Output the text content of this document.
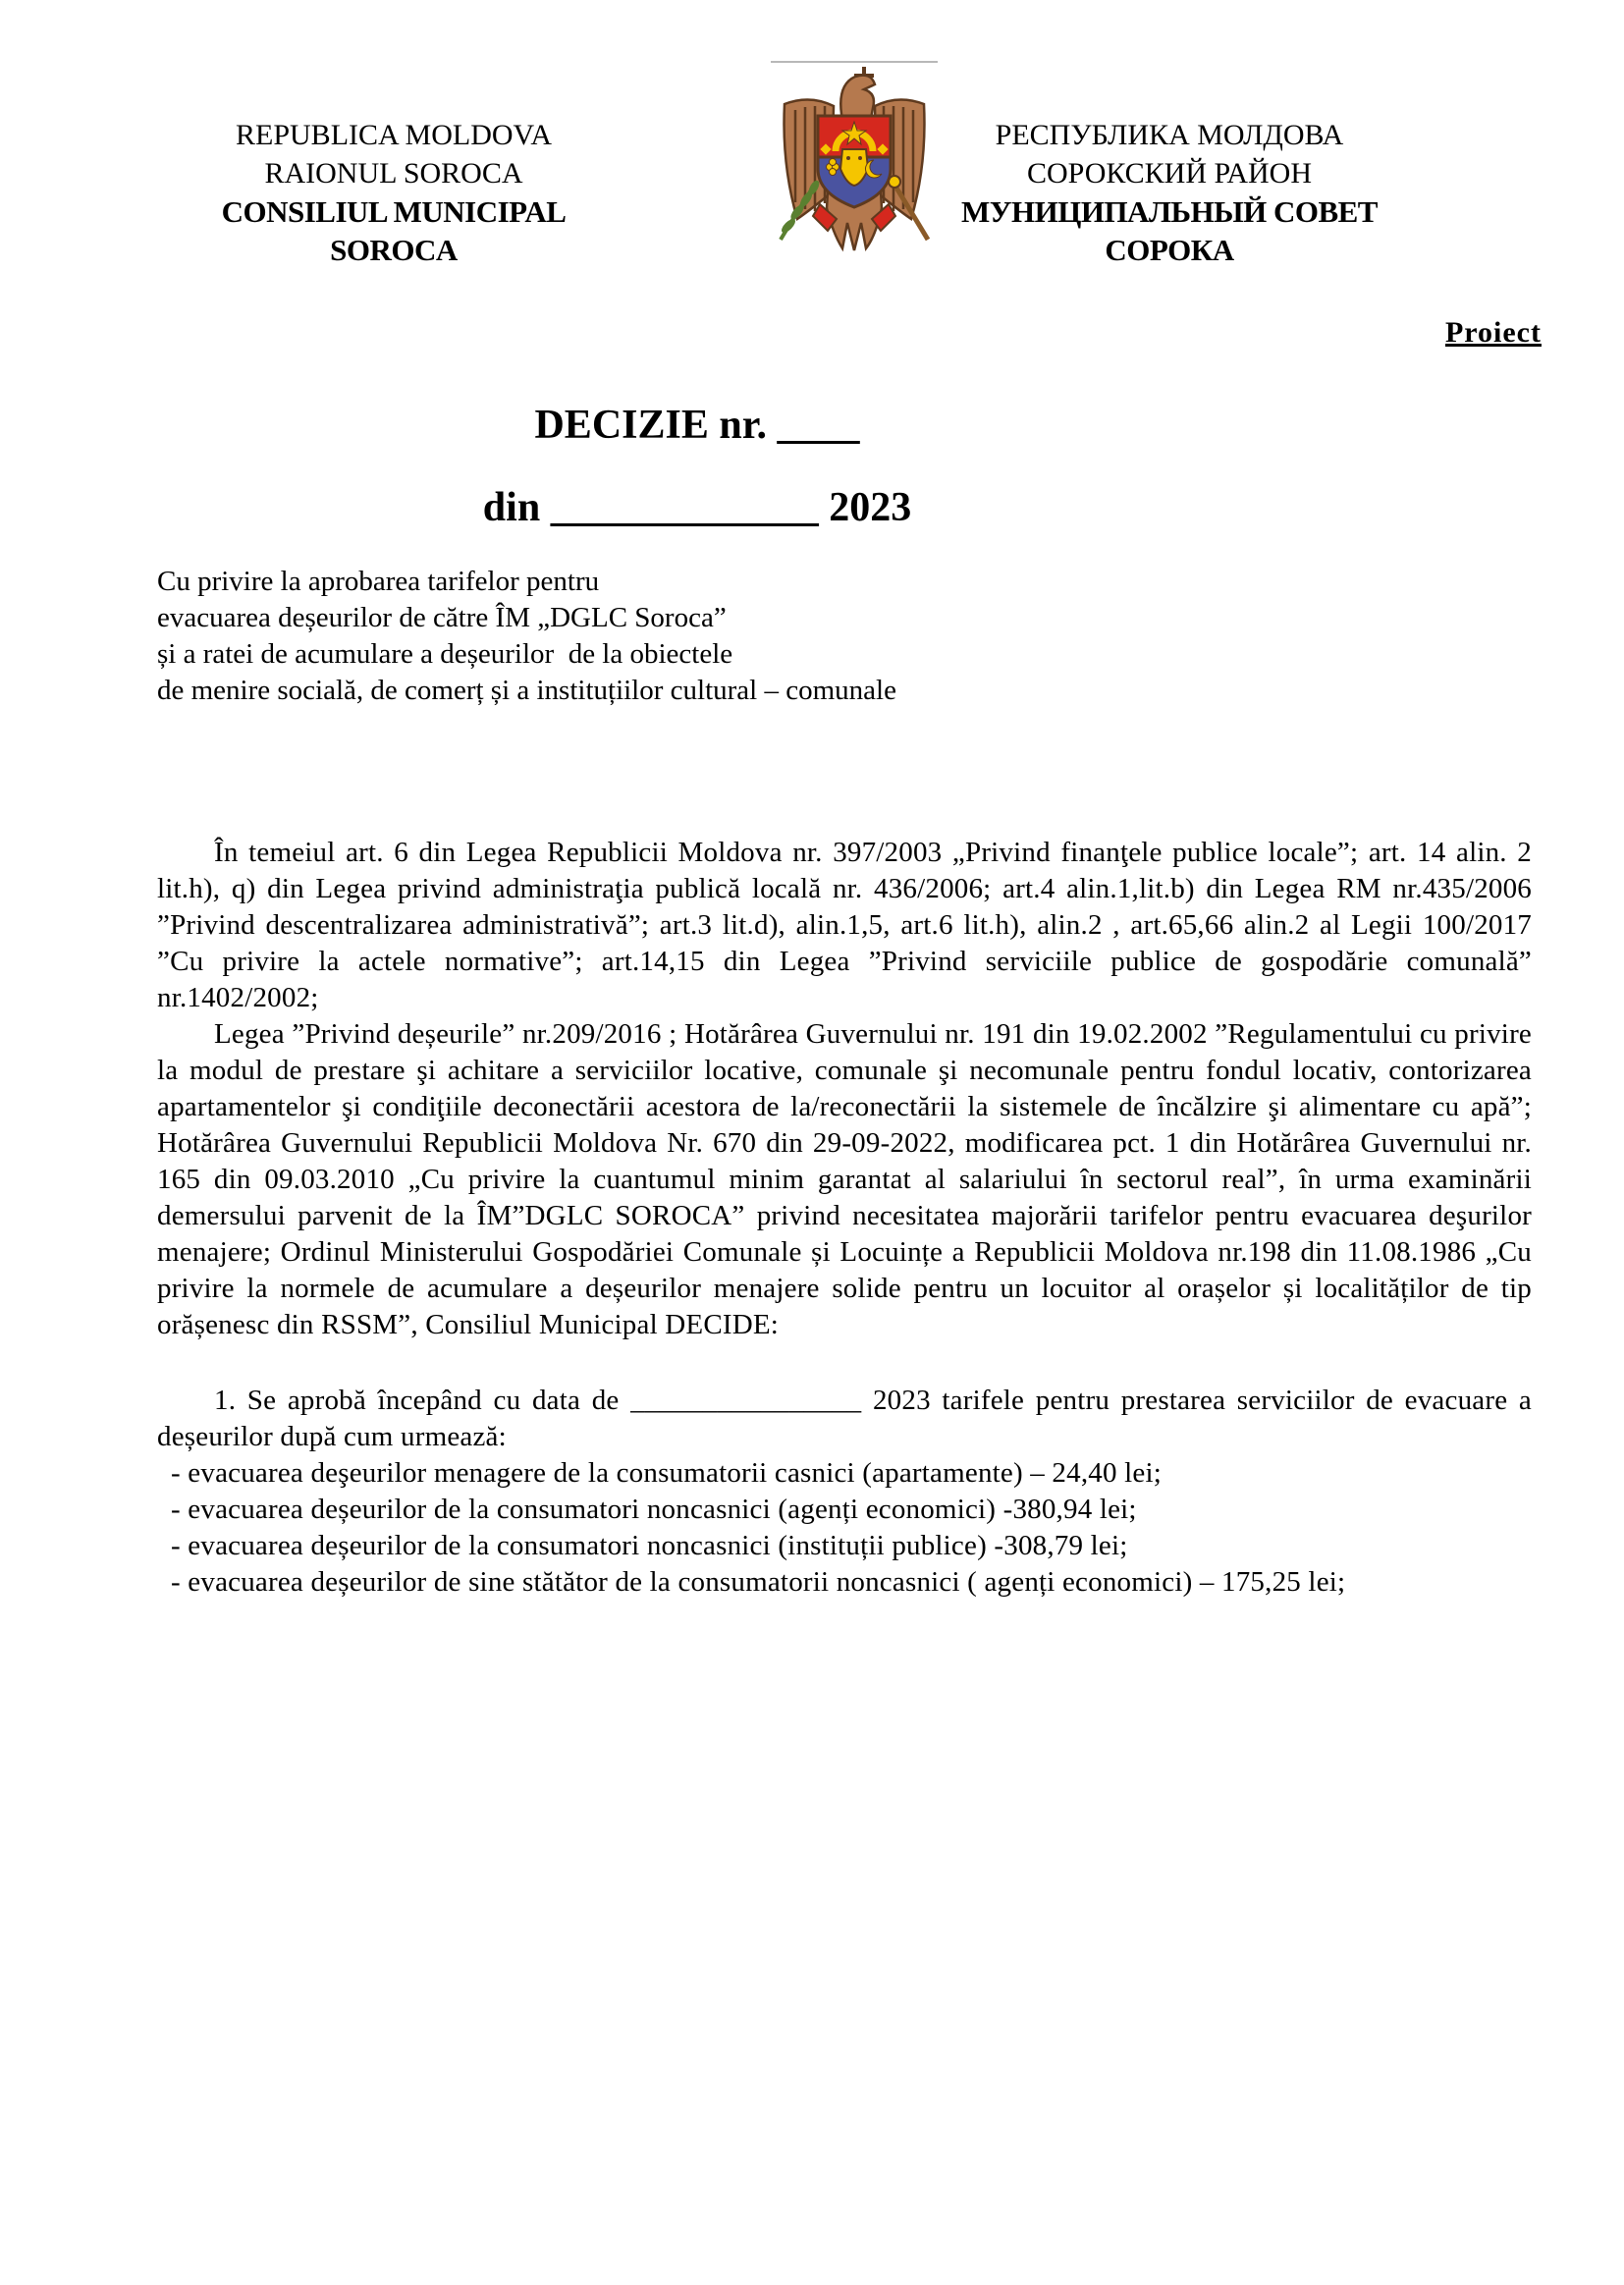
REPUBLICA MOLDOVA
RAIONUL SOROCA
CONSILIUL MUNICIPAL SOROCA
РЕСПУБЛИКА МОЛДОВА
СОРОКСКИЙ РАЙОН
МУНИЦИПАЛЬНЫЙ СОВЕТ  СОРОКА
Proiect
DECIZIE nr. ____
din _____________ 2023
Cu privire la aprobarea tarifelor pentru
evacuarea deșeurilor de către ÎM „DGLC Soroca”
și a ratei de acumulare a deșeurilor  de la obiectele
de menire socială, de comerț și a instituțiilor cultural – comunale

În temeiul art. 6 din Legea Republicii Moldova nr. 397/2003 „Privind finanţele publice locale”; art. 14 alin. 2 lit.h), q) din Legea privind administraţia publică locală nr. 436/2006; art.4 alin.1,lit.b) din Legea RM nr.435/2006 ”Privind descentralizarea administrativă”; art.3 lit.d), alin.1,5, art.6 lit.h), alin.2 , art.65,66 alin.2 al Legii 100/2017 ”Cu privire la actele normative”; art.14,15 din Legea ”Privind serviciile publice de gospodărie comunală” nr.1402/2002;

Legea ”Privind deșeurile” nr.209/2016 ; Hotărârea Guvernului nr. 191 din 19.02.2002 ”Regulamentului cu privire la modul de prestare şi achitare a serviciilor locative, comunale şi necomunale pentru fondul locativ, contorizarea apartamentelor şi condiţiile deconectării acestora de la/reconectării la sistemele de încălzire şi alimentare cu apă”; Hotărârea Guvernului Republicii Moldova Nr. 670 din 29-09-2022, modificarea pct. 1 din Hotărârea Guvernului nr. 165 din 09.03.2010 „Cu privire la cuantumul minim garantat al salariului în sectorul real”, în urma examinării demersului parvenit de la ÎM”DGLC SOROCA” privind necesitatea majorării tarifelor pentru evacuarea deşurilor menajere; Ordinul Ministerului Gospodăriei Comunale și Locuințe a Republicii Moldova nr.198 din 11.08.1986 „Cu privire la normele de acumulare a deșeurilor menajere solide pentru un locuitor al orașelor și localităților de tip orășenesc din RSSM”, Consiliul Municipal DECIDE:

1. Se aprobă începând cu data de ________________ 2023 tarifele pentru prestarea serviciilor de evacuare a deșeurilor după cum urmează:

- evacuarea deşeurilor menagere de la consumatorii casnici (apartamente) – 24,40 lei;
- evacuarea deșeurilor de la consumatori noncasnici (agenți economici) -380,94 lei;
- evacuarea deșeurilor de la consumatori noncasnici (instituții publice) -308,79 lei;
- evacuarea deșeurilor de sine stătător de la consumatorii noncasnici ( agenți economici) – 175,25 lei;
